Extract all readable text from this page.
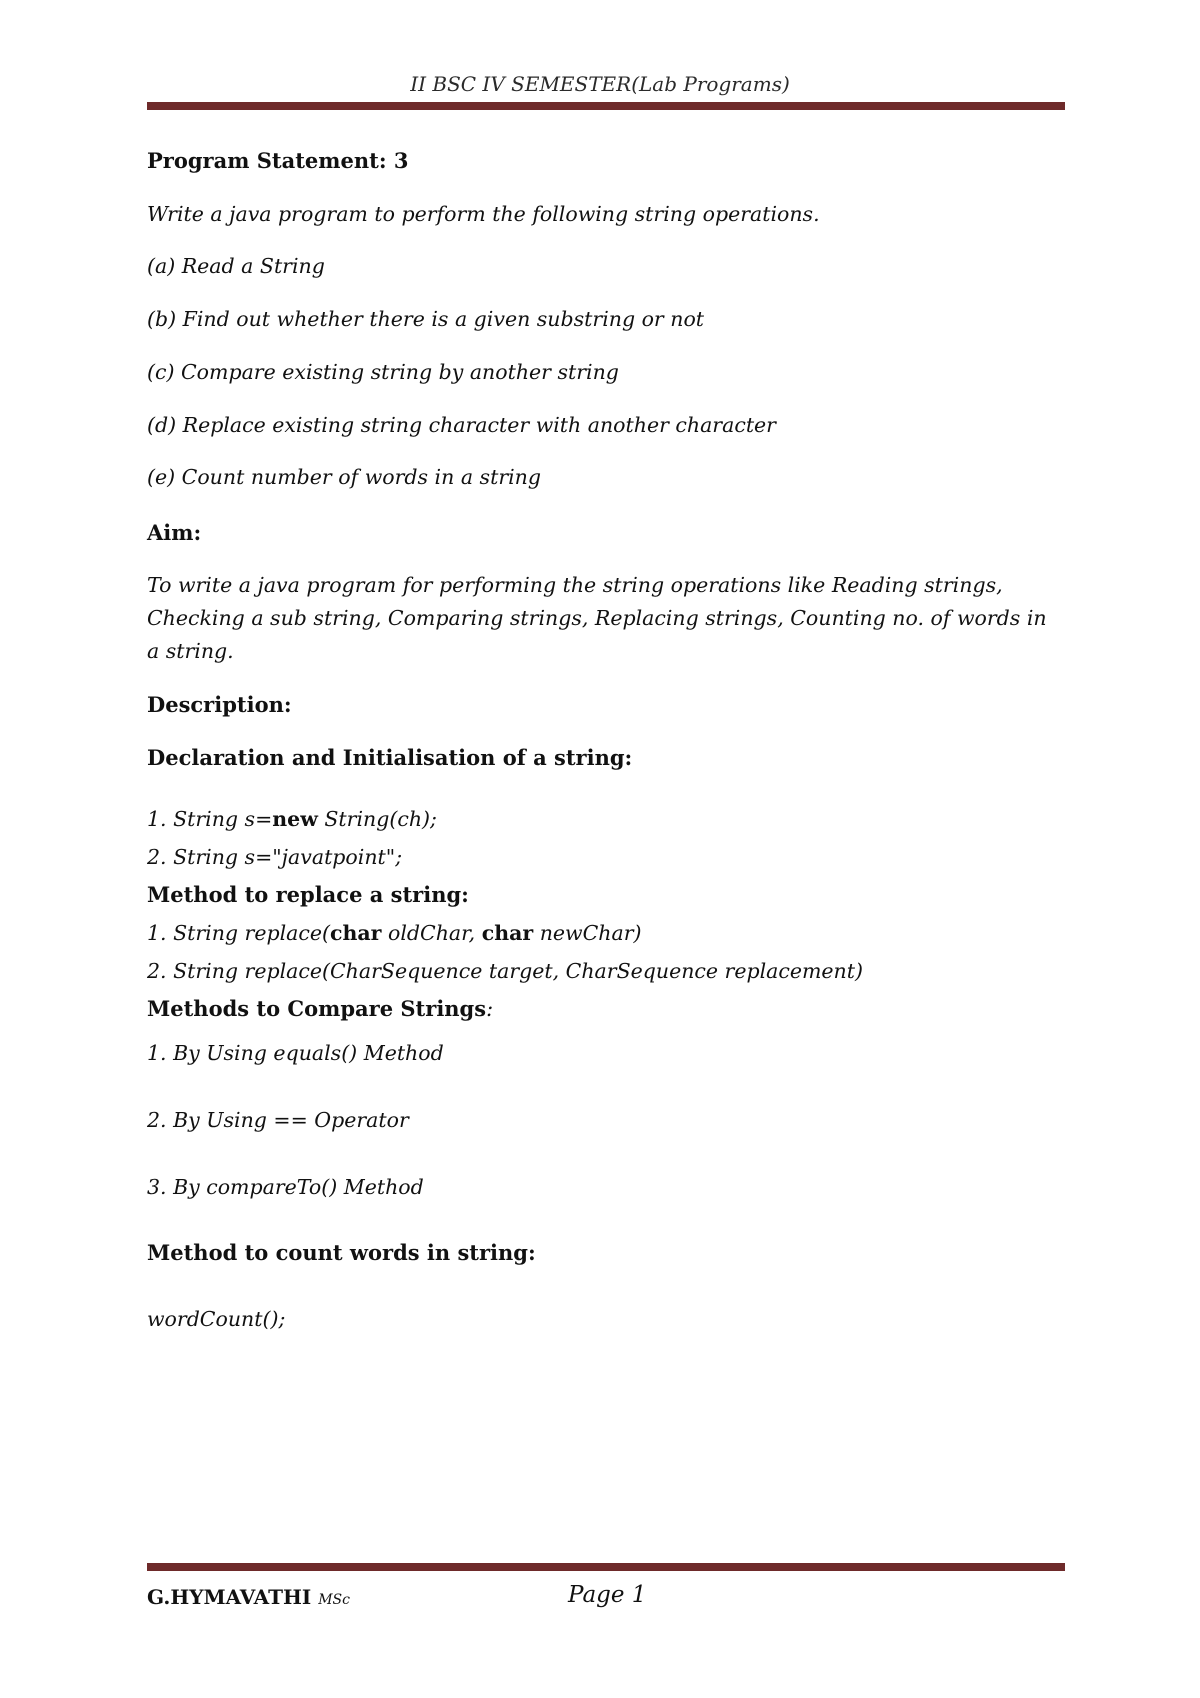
II BSC IV SEMESTER(Lab Programs)
Program Statement: 3
Write a java program to perform the following string operations.
(a) Read a String
(b) Find out whether there is a given substring or not
(c) Compare existing string by another string
(d) Replace existing string character with another character
(e) Count number of words in a string
Aim:
To write a java program for performing the string operations like Reading strings, Checking a sub string, Comparing strings, Replacing strings, Counting no. of words in a string.
Description:
Declaration and Initialisation of a string:
1. String s=new String(ch);
2. String s="javatpoint";
Method to replace a string:
1. String replace(char oldChar, char newChar)
2. String replace(CharSequence target, CharSequence replacement)
Methods to Compare Strings:
1. By Using equals() Method
2. By Using == Operator
3. By compareTo() Method
Method to count words in string:
wordCount();
G.HYMAVATHI MSc	Page 1
